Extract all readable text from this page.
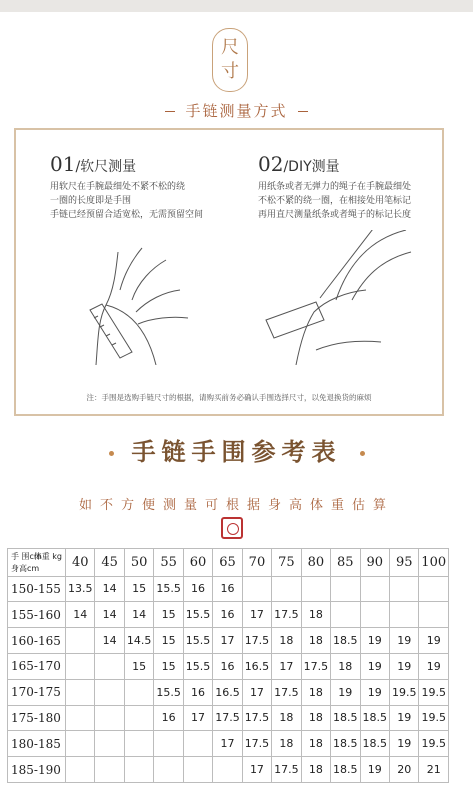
尺
寸
手链测量方式
01/软尺测量
用软尺在手腕最细处不紧不松的绕
一圈的长度即是手围
手链已经预留合适宽松，无需预留空间
02/DIY测量
用纸条或者无弹力的绳子在手腕最细处
不松不紧的绕一圈，在相接处用笔标记
再用直尺测量纸条或者绳子的标记长度
注：手围是选购手链尺寸的根据，请购买前务必确认手围选择尺寸，以免退换货的麻烦
手链手围参考表
如不方便测量可根据身高体重估算
手 围cm
体重 kg
身高cm	40	45	50	55	60	65	70	75	80	85	90	95	100
150-155	13.5	14	15	15.5	16	16							
155-160	14	14	14	15	15.5	16	17	17.5	18				
160-165		14	14.5	15	15.5	17	17.5	18	18	18.5	19	19	19
165-170			15	15	15.5	16	16.5	17	17.5	18	19	19	19
170-175				15.5	16	16.5	17	17.5	18	19	19	19.5	19.5
175-180				16	17	17.5	17.5	18	18	18.5	18.5	19	19.5
180-185						17	17.5	18	18	18.5	18.5	19	19.5
185-190							17	17.5	18	18.5	19	20	21
